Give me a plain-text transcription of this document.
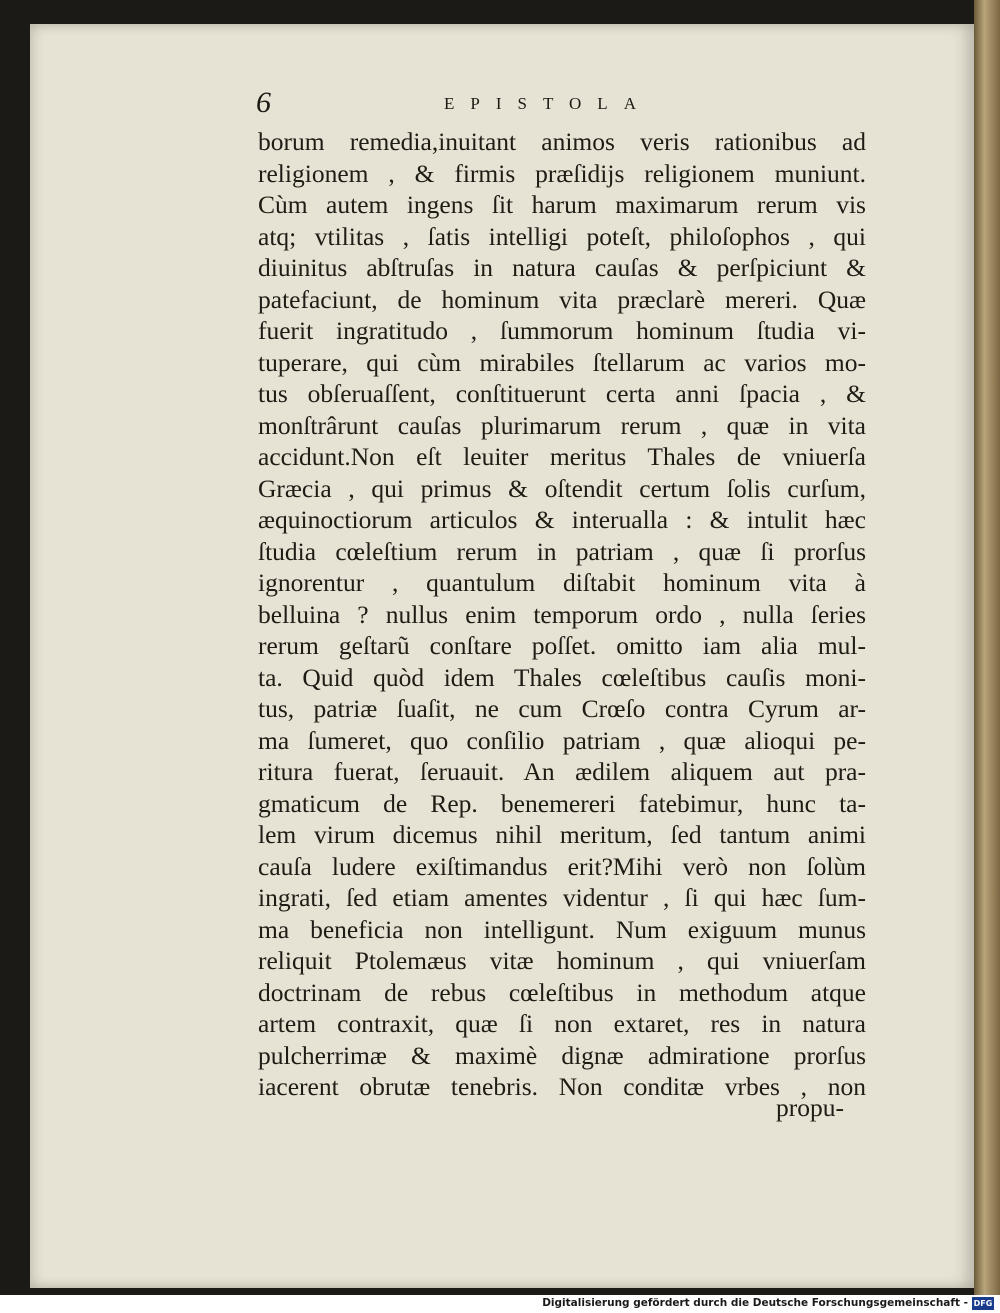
6	EPISTOLA
borum remedia,inuitant animos veris rationibus ad
religionem , & firmis præſidijs religionem muniunt.
Cùm autem ingens ſit harum maximarum rerum vis
atq; vtilitas , ſatis intelligi poteſt, philoſophos , qui
diuinitus abſtruſas in natura cauſas & perſpiciunt &
patefaciunt, de hominum vita præclarè mereri. Quæ
fuerit ingratitudo , ſummorum hominum ſtudia vi-
tuperare, qui cùm mirabiles ſtellarum ac varios mo-
tus obſeruaſſent, conſtituerunt certa anni ſpacia , &
monſtrârunt cauſas plurimarum rerum , quæ in vita
accidunt.Non eſt leuiter meritus Thales de vniuerſa
Græcia , qui primus & oſtendit certum ſolis curſum,
æquinoctiorum articulos & interualla : & intulit hæc
ſtudia cœleſtium rerum in patriam , quæ ſi prorſus
ignorentur , quantulum diſtabit hominum vita à
belluina ? nullus enim temporum ordo , nulla ſeries
rerum geſtarũ conſtare poſſet. omitto iam alia mul-
ta. Quid quòd idem Thales cœleſtibus cauſis moni-
tus, patriæ ſuaſit, ne cum Crœſo contra Cyrum ar-
ma ſumeret, quo conſilio patriam , quæ alioqui pe-
ritura fuerat, ſeruauit. An ædilem aliquem aut pra-
gmaticum de Rep. benemereri fatebimur, hunc ta-
lem virum dicemus nihil meritum, ſed tantum animi
cauſa ludere exiſtimandus erit?Mihi verò non ſolùm
ingrati, ſed etiam amentes videntur , ſi qui hæc ſum-
ma beneficia non intelligunt. Num exiguum munus
reliquit Ptolemæus vitæ hominum , qui vniuerſam
doctrinam de rebus cœleſtibus in methodum atque
artem contraxit, quæ ſi non extaret, res in natura
pulcherrimæ & maximè dignæ admiratione prorſus
iacerent obrutæ tenebris. Non conditæ vrbes , non
propu-
Digitalisierung gefördert durch die Deutsche Forschungsgemeinschaft - DFG
